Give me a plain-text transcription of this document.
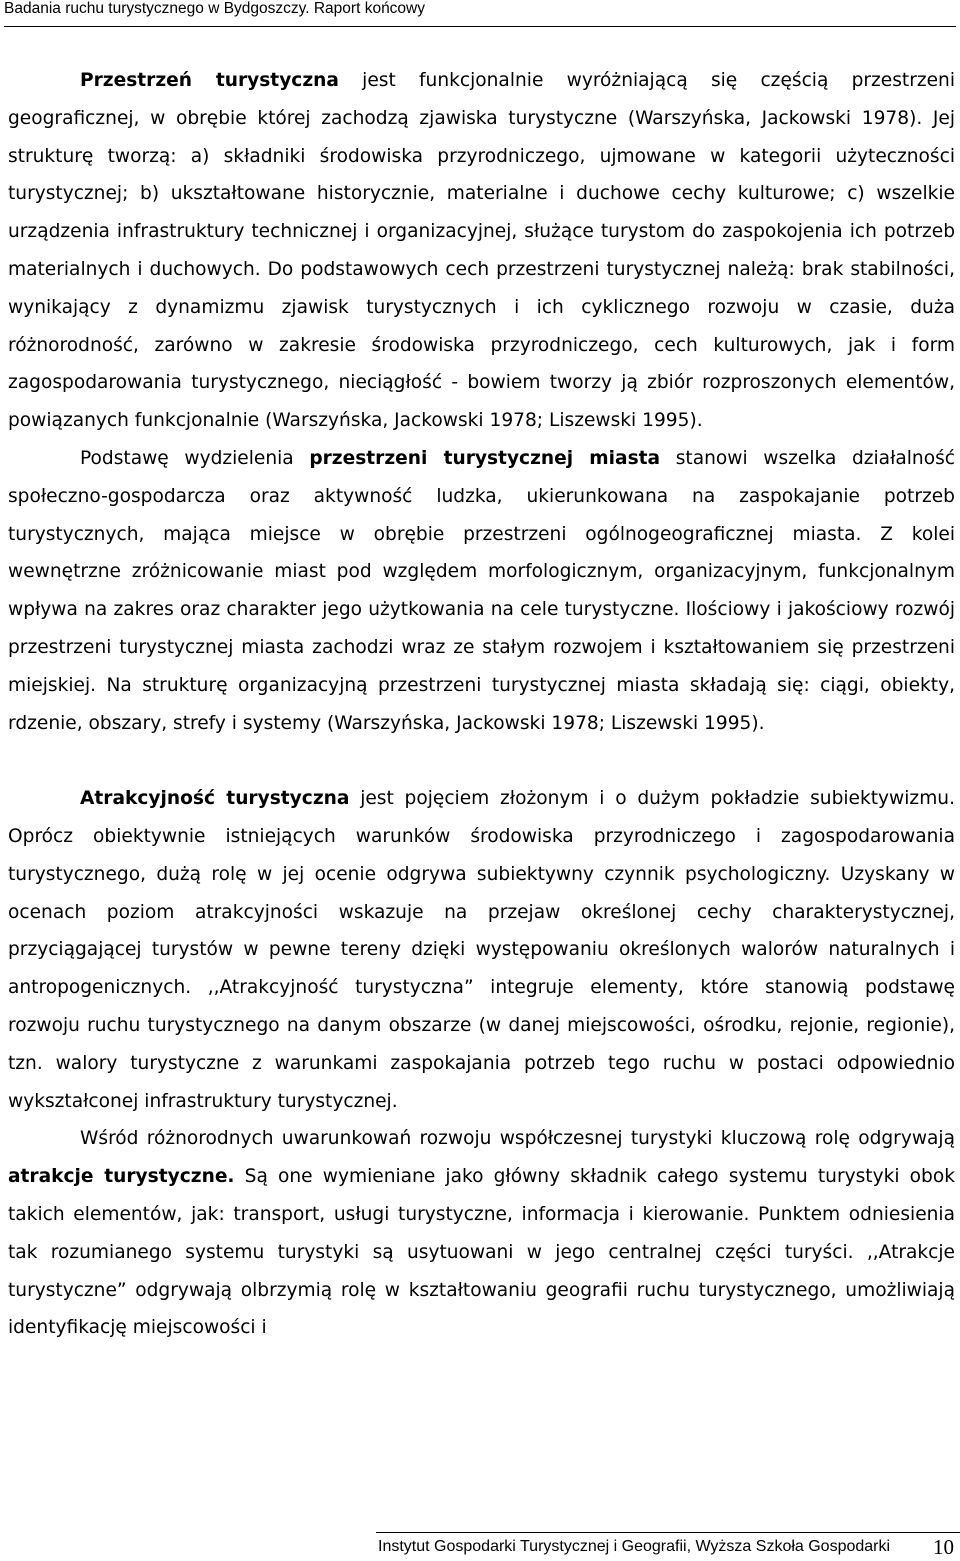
Badania ruchu turystycznego w Bydgoszczy. Raport końcowy

Przestrzeń turystyczna jest funkcjonalnie wyróżniającą się częścią przestrzeni geograficznej, w obrębie której zachodzą zjawiska turystyczne (Warszyńska, Jackowski 1978). Jej strukturę tworzą: a) składniki środowiska przyrodniczego, ujmowane w kategorii użyteczności turystycznej; b) ukształtowane historycznie, materialne i duchowe cechy kulturowe; c) wszelkie urządzenia infrastruktury technicznej i organizacyjnej, służące turystom do zaspokojenia ich potrzeb materialnych i duchowych. Do podstawowych cech przestrzeni turystycznej należą: brak stabilności, wynikający z dynamizmu zjawisk turystycznych i ich cyklicznego rozwoju w czasie, duża różnorodność, zarówno w zakresie środowiska przyrodniczego, cech kulturowych, jak i form zagospodarowania turystycznego, nieciągłość - bowiem tworzy ją zbiór rozproszonych elementów, powiązanych funkcjonalnie (Warszyńska, Jackowski 1978; Liszewski 1995).

Podstawę wydzielenia przestrzeni turystycznej miasta stanowi wszelka działalność społeczno-gospodarcza oraz aktywność ludzka, ukierunkowana na zaspokajanie potrzeb turystycznych, mająca miejsce w obrębie przestrzeni ogólnogeograficznej miasta. Z kolei wewnętrzne zróżnicowanie miast pod względem morfologicznym, organizacyjnym, funkcjonalnym wpływa na zakres oraz charakter jego użytkowania na cele turystyczne. Ilościowy i jakościowy rozwój przestrzeni turystycznej miasta zachodzi wraz ze stałym rozwojem i kształtowaniem się przestrzeni miejskiej. Na strukturę organizacyjną przestrzeni turystycznej miasta składają się: ciągi, obiekty, rdzenie, obszary, strefy i systemy (Warszyńska, Jackowski 1978; Liszewski 1995).

Atrakcyjność turystyczna jest pojęciem złożonym i o dużym pokładzie subiektywizmu. Oprócz obiektywnie istniejących warunków środowiska przyrodniczego i zagospodarowania turystycznego, dużą rolę w jej ocenie odgrywa subiektywny czynnik psychologiczny. Uzyskany w ocenach poziom atrakcyjności wskazuje na przejaw określonej cechy charakterystycznej, przyciągającej turystów w pewne tereny dzięki występowaniu określonych walorów naturalnych i antropogenicznych. ,,Atrakcyjność turystyczna” integruje elementy, które stanowią podstawę rozwoju ruchu turystycznego na danym obszarze (w danej miejscowości, ośrodku, rejonie, regionie), tzn. walory turystyczne z warunkami zaspokajania potrzeb tego ruchu w postaci odpowiednio wykształconej infrastruktury turystycznej.

Wśród różnorodnych uwarunkowań rozwoju współczesnej turystyki kluczową rolę odgrywają atrakcje turystyczne. Są one wymieniane jako główny składnik całego systemu turystyki obok takich elementów, jak: transport, usługi turystyczne, informacja i kierowanie. Punktem odniesienia tak rozumianego systemu turystyki są usytuowani w jego centralnej części turyści. ,,Atrakcje turystyczne” odgrywają olbrzymią rolę w kształtowaniu geografii ruchu turystycznego, umożliwiają identyfikację miejscowości i

Instytut Gospodarki Turystycznej i Geografii, Wyższa Szkoła Gospodarki 10
